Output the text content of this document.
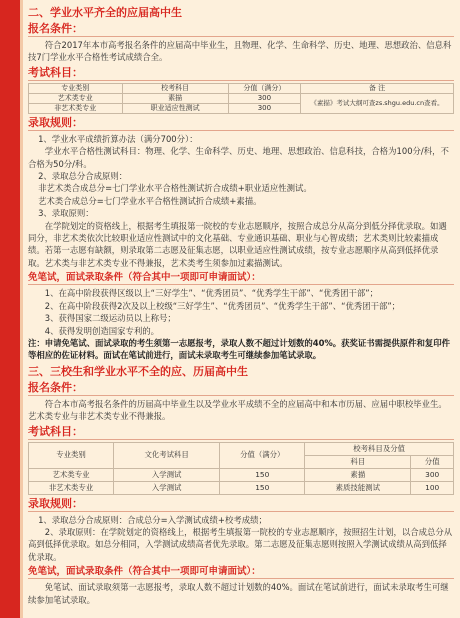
二、学业水平齐全的应届高中生
报名条件：

符合2017年本市高考报名条件的应届高中毕业生，且物理、化学、生命科学、历史、地理、思想政治、信息科技7门学业水平合格性考试成绩合全。

考试科目：
专业类别	校考科目	分值（满分）	备 注
艺术类专业	素描	300	《素描》考试大纲可查zs.shgu.edu.cn查看。
非艺术类专业	职业适应性测试	300	
录取规则：

1、学业水平成绩折算办法（满分700分）：

学业水平合格性测试科目：物理、化学、生命科学、历史、地理、思想政治、信息科技，合格为100分/科，不合格为50分/科。

2、录取总分合成原则：

非艺术类合成总分=七门学业水平合格性测试折合成绩+职业适应性测试。

艺术类合成总分=七门学业水平合格性测试折合成绩+素描。

3、录取原则：

在学院划定的资格线上，根据考生填报第一院校的专业志愿顺序，按照合成总分从高分到低分择优录取。如遇同分，非艺术类依次比较职业适应性测试中的文化基础、专业通识基础、职业与心智成绩；艺术类则比较素描成绩。若第一志愿有缺额，则录取第二志愿及征集志愿，以职业适应性测试成绩，按专业志愿顺序从高到低择优录取。艺术类与非艺术类专业不得兼报，艺术类考生须参加过素描测试。

免笔试，面试录取条件（符合其中一项即可申请面试）：

1、在高中阶段获得区级以上“三好学生”、“优秀团员”、“优秀学生干部”、“优秀团干部”；

2、在高中阶段获得2次及以上校级“三好学生”、“优秀团员”、“优秀学生干部”、“优秀团干部”；

3、获得国家二级运动员以上称号；

4、获得发明创造国家专利的。

注：申请免笔试、面试录取的考生须第一志愿报考，录取人数不超过计划数的40%。获奖证书需提供原件和复印件等相应的佐证材料。面试在笔试前进行，面试未录取考生可继续参加笔试录取。

三、三校生和学业水平不全的应、历届高中生
报名条件：

符合本市高考报名条件的历届高中毕业生以及学业水平成绩不全的应届高中和本市历届、应届中职校毕业生。艺术类专业与非艺术类专业不得兼报。

考试科目：
专业类别	文化考试科目	分值（满分）	校考科目及分值	
			科目	分值
艺术类专业	入学测试	150	素描	300
非艺术类专业	入学测试	150	素质技能测试	100
录取规则：

1、录取总分合成原则：合成总分=入学测试成绩+校考成绩；

2、录取原则：在学院划定的资格线上，根据考生填报第一院校的专业志愿顺序，按照招生计划，以合成总分从高到低择优录取。如总分相同，入学测试成绩高者优先录取。第二志愿及征集志愿则按照入学测试成绩从高到低择优录取。

免笔试，面试录取条件（符合其中一项即可申请面试）：

免笔试、面试录取须第一志愿报考，录取人数不超过计划数的40%。面试在笔试前进行，面试未录取考生可继续参加笔试录取。
